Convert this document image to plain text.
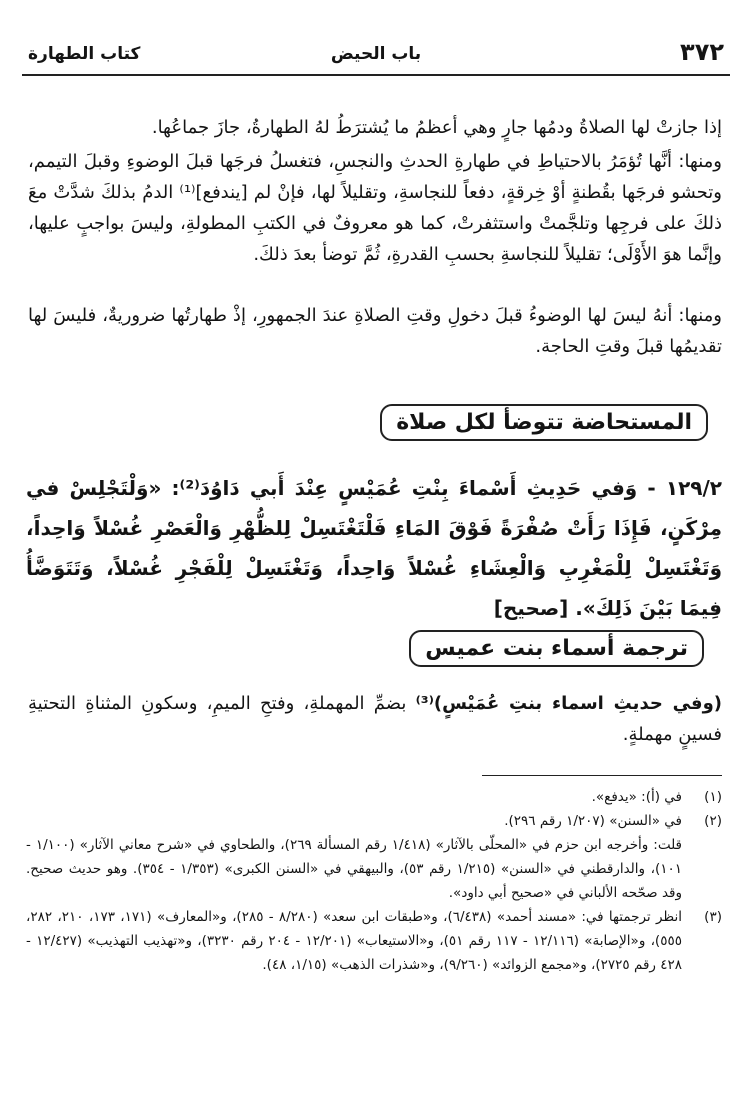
٣٧٢
باب الحيض
كتاب الطهارة

إذا جازتْ لها الصلاةُ ودمُها جارٍ وهي أعظمُ ما يُشترَطُ لهُ الطهارةُ، جازَ جماعُها.

ومنها: أنَّها تُؤمَرُ بالاحتياطِ في طهارةِ الحدثِ والنجسِ، فتغسلُ فرجَها قبلَ الوضوءِ وقبلَ التيمم، وتحشو فرجَها بقُطنةٍ أوْ خِرقةٍ، دفعاً للنجاسةِ، وتقليلاً لها، فإنْ لم [يندفع]⁽¹⁾ الدمُ بذلكَ شدَّتْ معَ ذلكَ على فرجِها وتلجَّمتْ واستثفرتْ، كما هو معروفٌ في الكتبِ المطولةِ، وليسَ بواجبٍ عليها، وإنَّما هوَ الأَوْلَى؛ تقليلاً للنجاسةِ بحسبِ القدرةِ، ثُمَّ توضأ بعدَ ذلكَ.

ومنها: أنهُ ليسَ لها الوضوءُ قبلَ دخولِ وقتِ الصلاةِ عندَ الجمهورِ، إذْ طهارتُها ضروريةٌ، فليسَ لها تقديمُها قبلَ وقتِ الحاجة.

المستحاضة تتوضأ لكل صلاة

١٢٩/٢ - وَفي حَدِيثِ أَسْماءَ بِنْتِ عُمَيْسٍ عِنْدَ أَبي دَاوُدَ⁽²⁾: «وَلْتَجْلِسْ في مِرْكَنٍ، فَإِذَا رَأَتْ صُفْرَةً فَوْقَ المَاءِ فَلْتَغْتَسِلْ لِلظُّهْرِ وَالْعَصْرِ غُسْلاً وَاحِداً، وَتَغْتَسِلْ لِلْمَغْرِبِ وَالْعِشَاءِ غُسْلاً وَاحِداً، وَتَغْتَسِلْ لِلْفَجْرِ غُسْلاً، وَتَتَوَضَّأُ فِيمَا بَيْنَ ذَلِكَ». [صحيح]

ترجمة أسماء بنت عميس

(وفي حديثِ اسماء بنتِ عُمَيْسٍ)⁽³⁾ بضمِّ المهملةِ، وفتحِ الميمِ، وسكونِ المثناةِ التحتيةِ فسينٍ مهملةٍ.

(١)
في (أ): «يدفع».
(٢)
في «السنن» (١/٢٠٧ رقم ٢٩٦).
قلت: وأخرجه ابن حزم في «المحلّى بالآثار» (١/٤١٨ رقم المسألة ٢٦٩)، والطحاوي في «شرح معاني الآثار» (١/١٠٠ - ١٠١)، والدارقطني في «السنن» (١/٢١٥ رقم ٥٣)، والبيهقي في «السنن الكبرى» (١/٣٥٣ - ٣٥٤). وهو حديث صحيح. وقد صحّحه الألباني في «صحيح أبي داود».
(٣)
انظر ترجمتها في: «مسند أحمد» (٦/٤٣٨)، و«طبقات ابن سعد» (٨/٢٨٠ - ٢٨٥)، و«المعارف» (١٧١، ١٧٣، ٢١٠، ٢٨٢، ٥٥٥)، و«الإصابة» (١٢/١١٦ - ١١٧ رقم ٥١)، و«الاستيعاب» (١٢/٢٠١ - ٢٠٤ رقم ٣٢٣٠)، و«تهذيب التهذيب» (١٢/٤٢٧ - ٤٢٨ رقم ٢٧٢٥)، و«مجمع الزوائد» (٩/٢٦٠)، و«شذرات الذهب» (١/١٥، ٤٨).
